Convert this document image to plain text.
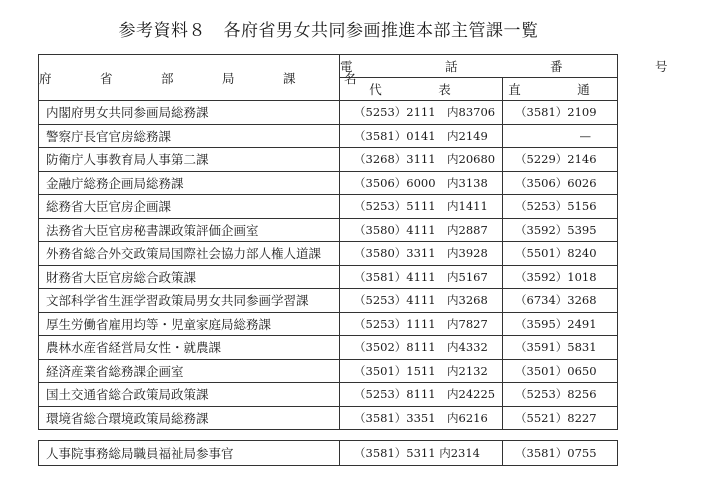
参考資料８　各府省男女共同参画推進本部主管課一覧
府　省　部　局　課　名	電　話　番　号	
	代　表	直　通
内閣府男女共同参画局総務課	（5253）2111　内83706	（3581）2109
警察庁長官官房総務課	（3581）0141　内2149	—
防衛庁人事教育局人事第二課	（3268）3111　内20680	（5229）2146
金融庁総務企画局総務課	（3506）6000　内3138	（3506）6026
総務省大臣官房企画課	（5253）5111　内1411	（5253）5156
法務省大臣官房秘書課政策評価企画室	（3580）4111　内2887	（3592）5395
外務省総合外交政策局国際社会協力部人権人道課	（3580）3311　内3928	（5501）8240
財務省大臣官房総合政策課	（3581）4111　内5167	（3592）1018
文部科学省生涯学習政策局男女共同参画学習課	（5253）4111　内3268	（6734）3268
厚生労働省雇用均等・児童家庭局総務課	（5253）1111　内7827	（3595）2491
農林水産省経営局女性・就農課	（3502）8111　内4332	（3591）5831
経済産業省総務課企画室	（3501）1511　内2132	（3501）0650
国土交通省総合政策局政策課	（5253）8111　内24225	（5253）8256
環境省総合環境政策局総務課	（3581）3351　内6216	（5521）8227
人事院事務総局職員福祉局参事官	（3581）5311 内2314	（3581）0755
